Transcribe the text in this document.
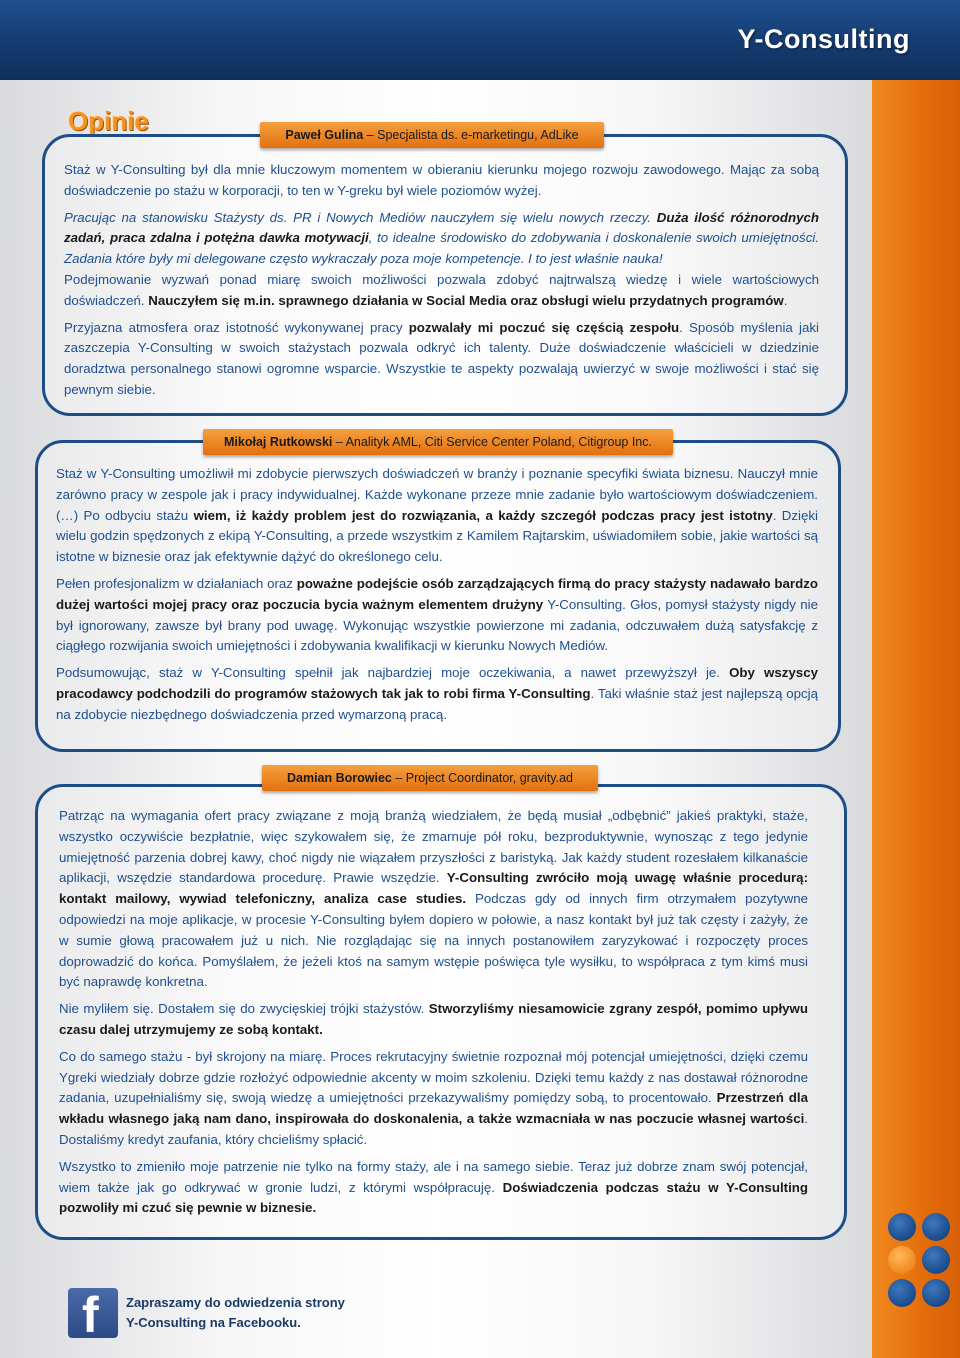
Y-Consulting
Opinie	Paweł Gulina – Specjalista ds. e-marketingu, AdLike

Staż w Y-Consulting był dla mnie kluczowym momentem w obieraniu kierunku mojego rozwoju zawodowego. Mając za sobą doświadczenie po stażu w korporacji, to ten w Y-greku był wiele poziomów wyżej.

Pracując na stanowisku Stażysty ds. PR i Nowych Mediów nauczyłem się wielu nowych rzeczy. Duża ilość różnorodnych zadań, praca zdalna i potężna dawka motywacji, to idealne środowisko do zdobywania i doskonalenie swoich umiejętności. Zadania które były mi delegowane często wykraczały poza moje kompetencje. I to jest właśnie nauka!

Podejmowanie wyzwań ponad miarę swoich możliwości pozwala zdobyć najtrwalszą wiedzę i wiele wartościowych doświadczeń. Nauczyłem się m.in. sprawnego działania w Social Media oraz obsługi wielu przydatnych programów.

Przyjazna atmosfera oraz istotność wykonywanej pracy pozwalały mi poczuć się częścią zespołu. Sposób myślenia jaki zaszczepia Y-Consulting w swoich stażystach pozwala odkryć ich talenty. Duże doświadczenie właścicieli w dziedzinie doradztwa personalnego stanowi ogromne wsparcie. Wszystkie te aspekty pozwalają uwierzyć w swoje możliwości i stać się pewnym siebie.

Mikołaj Rutkowski – Analityk AML, Citi Service Center Poland, Citigroup Inc.

Staż w Y-Consulting umożliwił mi zdobycie pierwszych doświadczeń w branży i poznanie specyfiki świata biznesu. Nauczył mnie zarówno pracy w zespole jak i pracy indywidualnej. Każde wykonane przeze mnie zadanie było wartościowym doświadczeniem. (…) Po odbyciu stażu wiem, iż każdy problem jest do rozwiązania, a każdy szczegół podczas pracy jest istotny. Dzięki wielu godzin spędzonych z ekipą Y-Consulting, a przede wszystkim z Kamilem Rajtarskim, uświadomiłem sobie, jakie wartości są istotne w biznesie oraz jak efektywnie dążyć do określonego celu.

Pełen profesjonalizm w działaniach oraz poważne podejście osób zarządzających firmą do pracy stażysty nadawało bardzo dużej wartości mojej pracy oraz poczucia bycia ważnym elementem drużyny Y-Consulting. Głos, pomysł stażysty nigdy nie był ignorowany, zawsze był brany pod uwagę. Wykonując wszystkie powierzone mi zadania, odczuwałem dużą satysfakcję z ciągłego rozwijania swoich umiejętności i zdobywania kwalifikacji w kierunku Nowych Mediów.

Podsumowując, staż w Y-Consulting spełnił jak najbardziej moje oczekiwania, a nawet przewyższył je. Oby wszyscy pracodawcy podchodzili do programów stażowych tak jak to robi firma Y-Consulting. Taki właśnie staż jest najlepszą opcją na zdobycie niezbędnego doświadczenia przed wymarzoną pracą.

Damian Borowiec – Project Coordinator, gravity.ad

Patrząc na wymagania ofert pracy związane z moją branżą wiedziałem, że będą musiał „odbębnić” jakieś praktyki, staże, wszystko oczywiście bezpłatnie, więc szykowałem się, że zmarnuje pół roku, bezproduktywnie, wynosząc z tego jedynie umiejętność parzenia dobrej kawy, choć nigdy nie wiązałem przyszłości z baristyką. Jak każdy student rozesłałem kilkanaście aplikacji, wszędzie standardowa procedurę. Prawie wszędzie. Y-Consulting zwróciło moją uwagę właśnie procedurą: kontakt mailowy, wywiad telefoniczny, analiza case studies. Podczas gdy od innych firm otrzymałem pozytywne odpowiedzi na moje aplikacje, w procesie Y-Consulting byłem dopiero w połowie, a nasz kontakt był już tak częsty i zażyły, że w sumie głową pracowałem już u nich. Nie rozglądając się na innych postanowiłem zaryzykować i rozpoczęty proces doprowadzić do końca. Pomyślałem, że jeżeli ktoś na samym wstępie poświęca tyle wysiłku, to współpraca z tym kimś musi być naprawdę konkretna.

Nie myliłem się. Dostałem się do zwycięskiej trójki stażystów. Stworzyliśmy niesamowicie zgrany zespół, pomimo upływu czasu dalej utrzymujemy ze sobą kontakt.

Co do samego stażu - był skrojony na miarę. Proces rekrutacyjny świetnie rozpoznał mój potencjał umiejętności, dzięki czemu Ygreki wiedziały dobrze gdzie rozłożyć odpowiednie akcenty w moim szkoleniu. Dzięki temu każdy z nas dostawał różnorodne zadania, uzupełnialiśmy się, swoją wiedzę a umiejętności przekazywaliśmy pomiędzy sobą, to procentowało. Przestrzeń dla wkładu własnego jaką nam dano, inspirowała do doskonalenia, a także wzmacniała w nas poczucie własnej wartości. Dostaliśmy kredyt zaufania, który chcieliśmy spłacić.

Wszystko to zmieniło moje patrzenie nie tylko na formy staży, ale i na samego siebie. Teraz już dobrze znam swój potencjał, wiem także jak go odkrywać w gronie ludzi, z którymi współpracuję. Doświadczenia podczas stażu w Y-Consulting pozwoliły mi czuć się pewnie w biznesie.

f Zapraszamy do odwiedzenia strony
Y-Consulting na Facebooku.
